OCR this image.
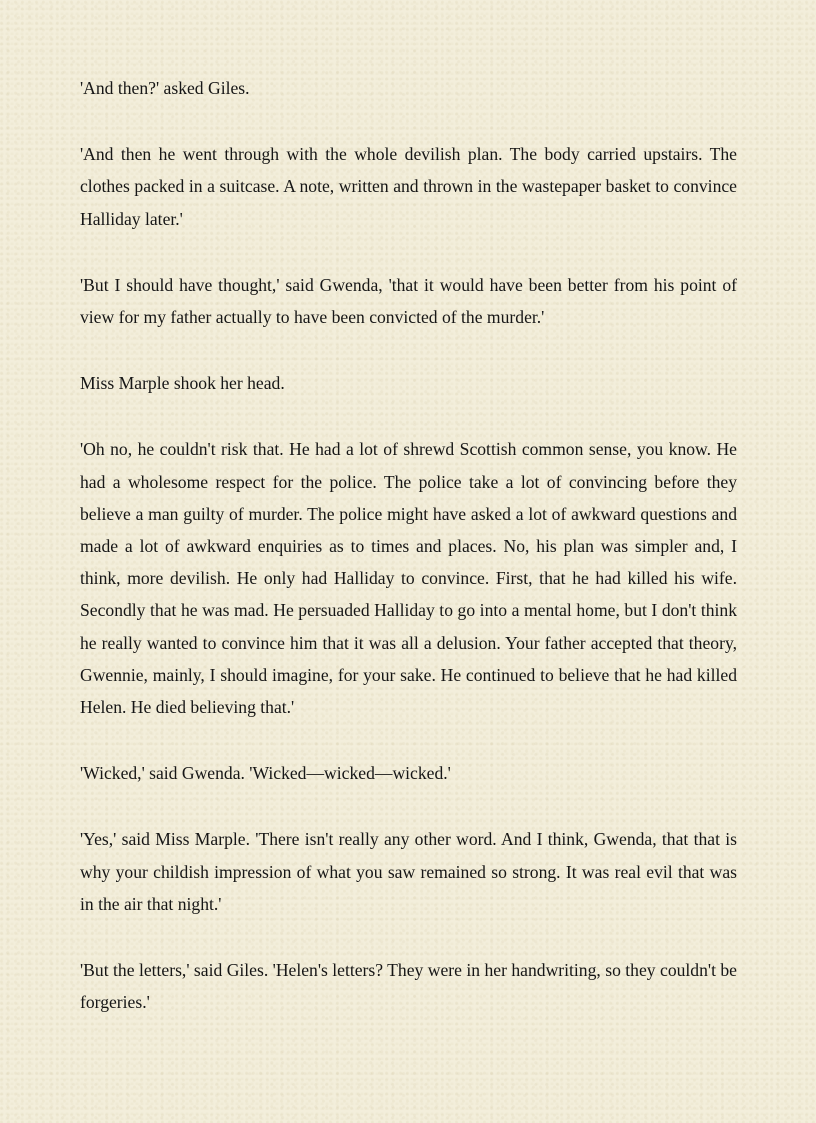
'And then?' asked Giles.

'And then he went through with the whole devilish plan. The body carried upstairs. The clothes packed in a suitcase. A note, written and thrown in the wastepaper basket to convince Halliday later.'

'But I should have thought,' said Gwenda, 'that it would have been better from his point of view for my father actually to have been convicted of the murder.'

Miss Marple shook her head.

'Oh no, he couldn't risk that. He had a lot of shrewd Scottish common sense, you know. He had a wholesome respect for the police. The police take a lot of convincing before they believe a man guilty of murder. The police might have asked a lot of awkward questions and made a lot of awkward enquiries as to times and places. No, his plan was simpler and, I think, more devilish. He only had Halliday to convince. First, that he had killed his wife. Secondly that he was mad. He persuaded Halliday to go into a mental home, but I don't think he really wanted to convince him that it was all a delusion. Your father accepted that theory, Gwennie, mainly, I should imagine, for your sake. He continued to believe that he had killed Helen. He died believing that.'

'Wicked,' said Gwenda. 'Wicked—wicked—wicked.'

'Yes,' said Miss Marple. 'There isn't really any other word. And I think, Gwenda, that that is why your childish impression of what you saw remained so strong. It was real evil that was in the air that night.'

'But the letters,' said Giles. 'Helen's letters? They were in her handwriting, so they couldn't be forgeries.'
